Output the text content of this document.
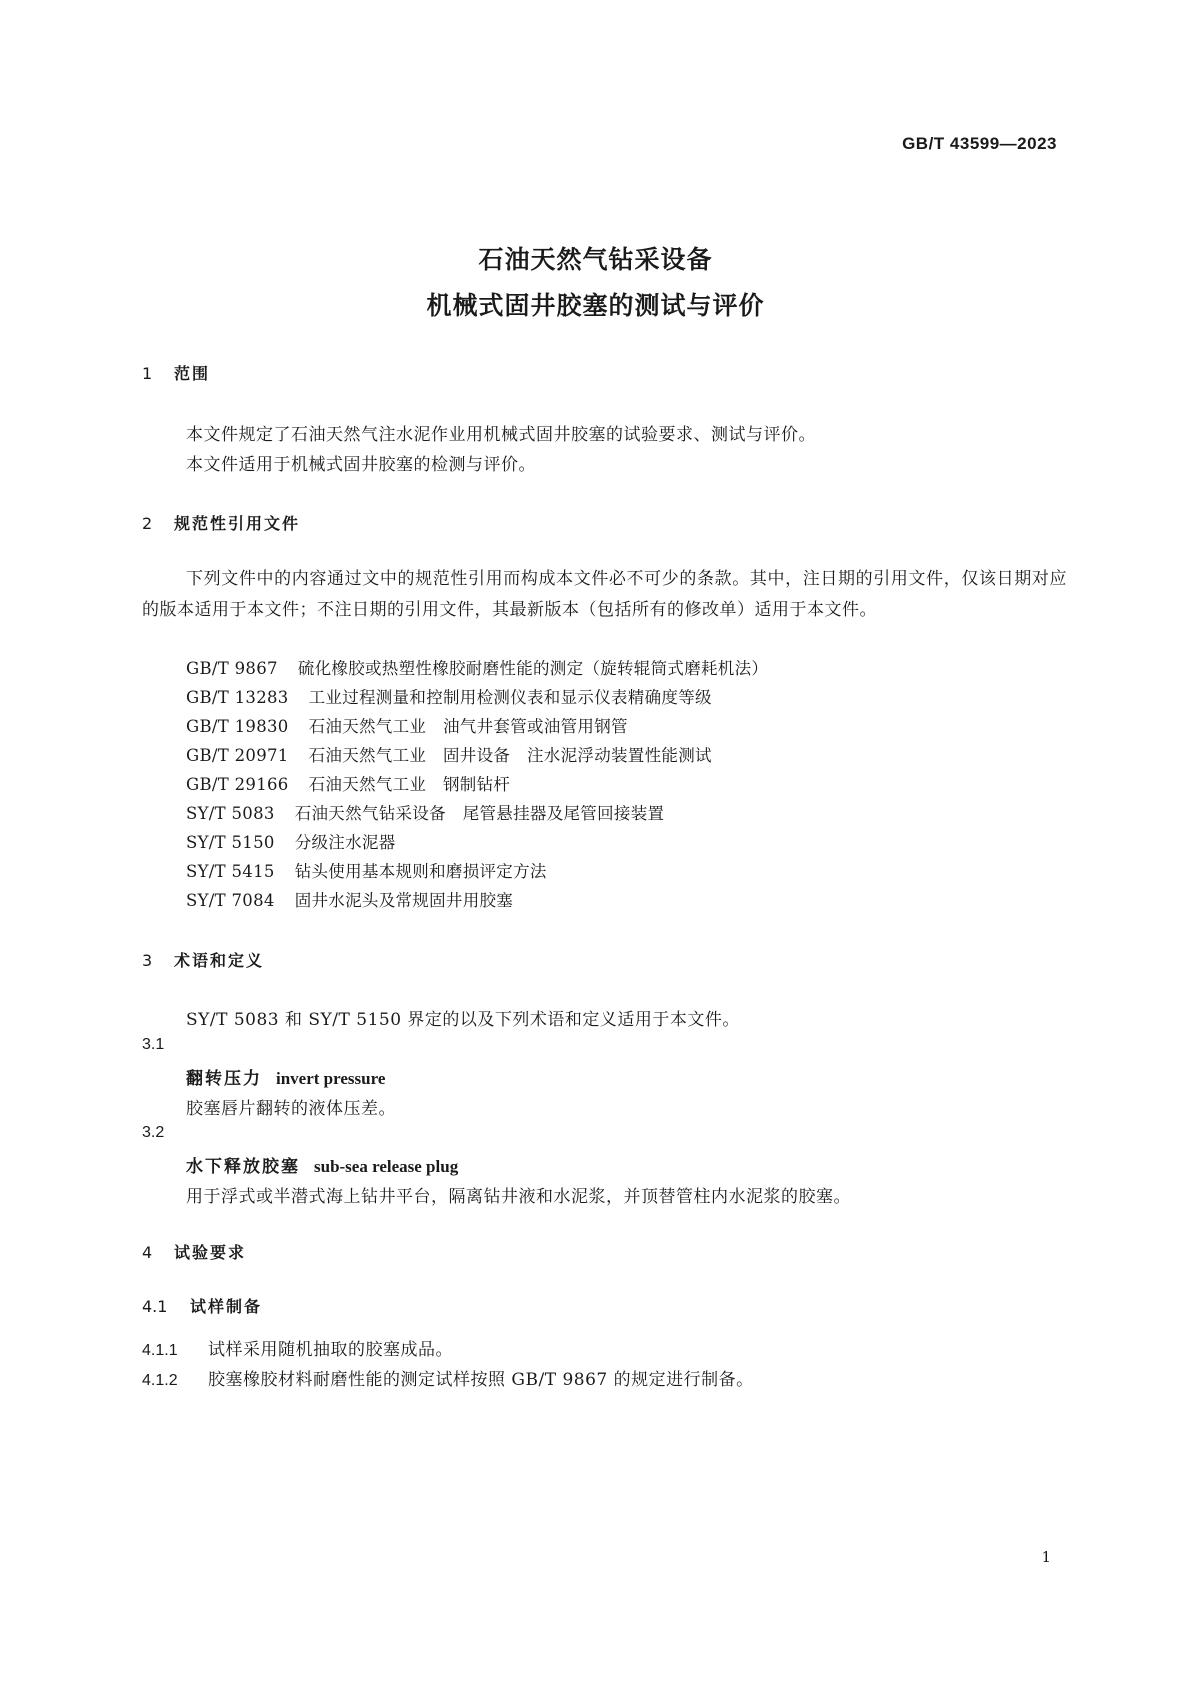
GB/T 43599—2023
石油天然气钻采设备
机械式固井胶塞的测试与评价
1 范围
本文件规定了石油天然气注水泥作业用机械式固井胶塞的试验要求、测试与评价。
本文件适用于机械式固井胶塞的检测与评价。
2 规范性引用文件
下列文件中的内容通过文中的规范性引用而构成本文件必不可少的条款。其中，注日期的引用文件，仅该日期对应的版本适用于本文件；不注日期的引用文件，其最新版本（包括所有的修改单）适用于本文件。
GB/T 9867 硫化橡胶或热塑性橡胶耐磨性能的测定（旋转辊筒式磨耗机法）
GB/T 13283 工业过程测量和控制用检测仪表和显示仪表精确度等级
GB/T 19830 石油天然气工业　油气井套管或油管用钢管
GB/T 20971 石油天然气工业　固井设备　注水泥浮动装置性能测试
GB/T 29166 石油天然气工业　钢制钻杆
SY/T 5083 石油天然气钻采设备　尾管悬挂器及尾管回接装置
SY/T 5150 分级注水泥器
SY/T 5415 钻头使用基本规则和磨损评定方法
SY/T 7084 固井水泥头及常规固井用胶塞
3 术语和定义
SY/T 5083 和 SY/T 5150 界定的以及下列术语和定义适用于本文件。
3.1
翻转压力 invert pressure
胶塞唇片翻转的液体压差。
3.2
水下释放胶塞 sub-sea release plug
用于浮式或半潜式海上钻井平台，隔离钻井液和水泥浆，并顶替管柱内水泥浆的胶塞。
4 试验要求
4.1 试样制备
4.1.1 试样采用随机抽取的胶塞成品。
4.1.2 胶塞橡胶材料耐磨性能的测定试样按照 GB/T 9867 的规定进行制备。
1
